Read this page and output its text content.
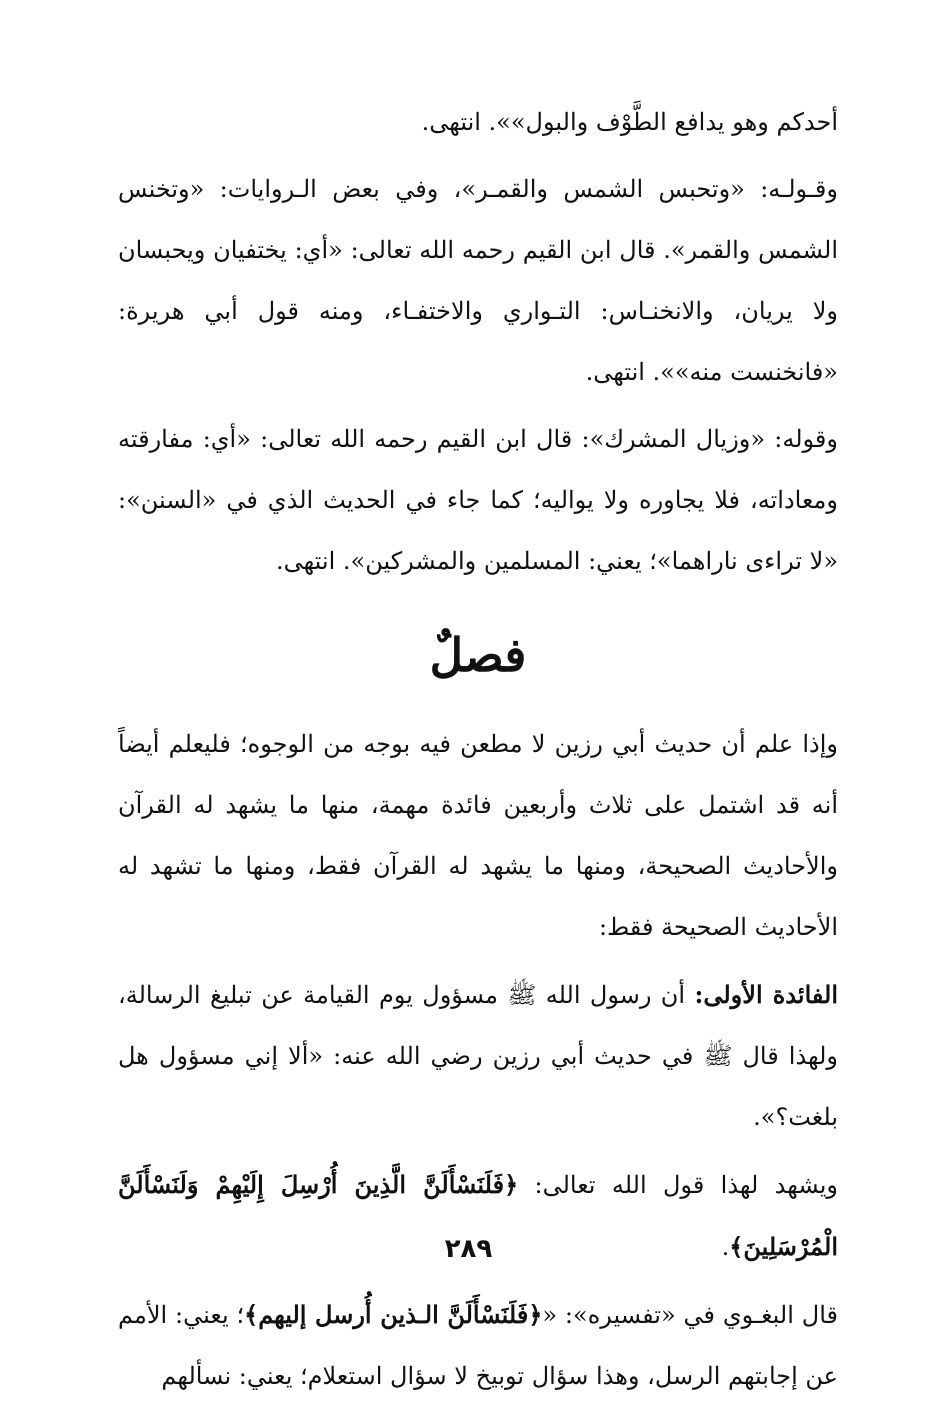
أحدكم وهو يدافع الطَّوْف والبول»». انتهى.

وقـولـه: «وتحبس الشمس والقمـر»، وفي بعض الـروايات: «وتخنس الشمس والقمر». قال ابن القيم رحمه الله تعالى: «أي: يختفيان ويحبسان ولا يريان، والانخنـاس: التـواري والاختفـاء، ومنه قول أبي هريرة: «فانخنست منه»». انتهى.

وقوله: «وزيال المشرك»: قال ابن القيم رحمه الله تعالى: «أي: مفارقته ومعاداته، فلا يجاوره ولا يواليه؛ كما جاء في الحديث الذي في «السنن»: «لا تراءى ناراهما»؛ يعني: المسلمين والمشركين». انتهى.

فصلٌ

وإذا علم أن حديث أبي رزين لا مطعن فيه بوجه من الوجوه؛ فليعلم أيضاً أنه قد اشتمل على ثلاث وأربعين فائدة مهمة، منها ما يشهد له القرآن والأحاديث الصحيحة، ومنها ما يشهد له القرآن فقط، ومنها ما تشهد له الأحاديث الصحيحة فقط:

الفائدة الأولى: أن رسول الله ﷺ مسؤول يوم القيامة عن تبليغ الرسالة، ولهذا قال ﷺ في حديث أبي رزين رضي الله عنه: «ألا إني مسؤول هل بلغت؟».

ويشهد لهذا قول الله تعالى: ﴿فَلَنَسْأَلَنَّ الَّذِينَ أُرْسِلَ إِلَيْهِمْ وَلَنَسْأَلَنَّ الْمُرْسَلِينَ﴾.

قال البغـوي في «تفسيره»: «﴿فَلَنَسْأَلَنَّ الـذين أُرسل إليهم﴾؛ يعني: الأمم عن إجابتهم الرسل، وهذا سؤال توبيخ لا سؤال استعلام؛ يعني: نسألهم

٢٨٩
